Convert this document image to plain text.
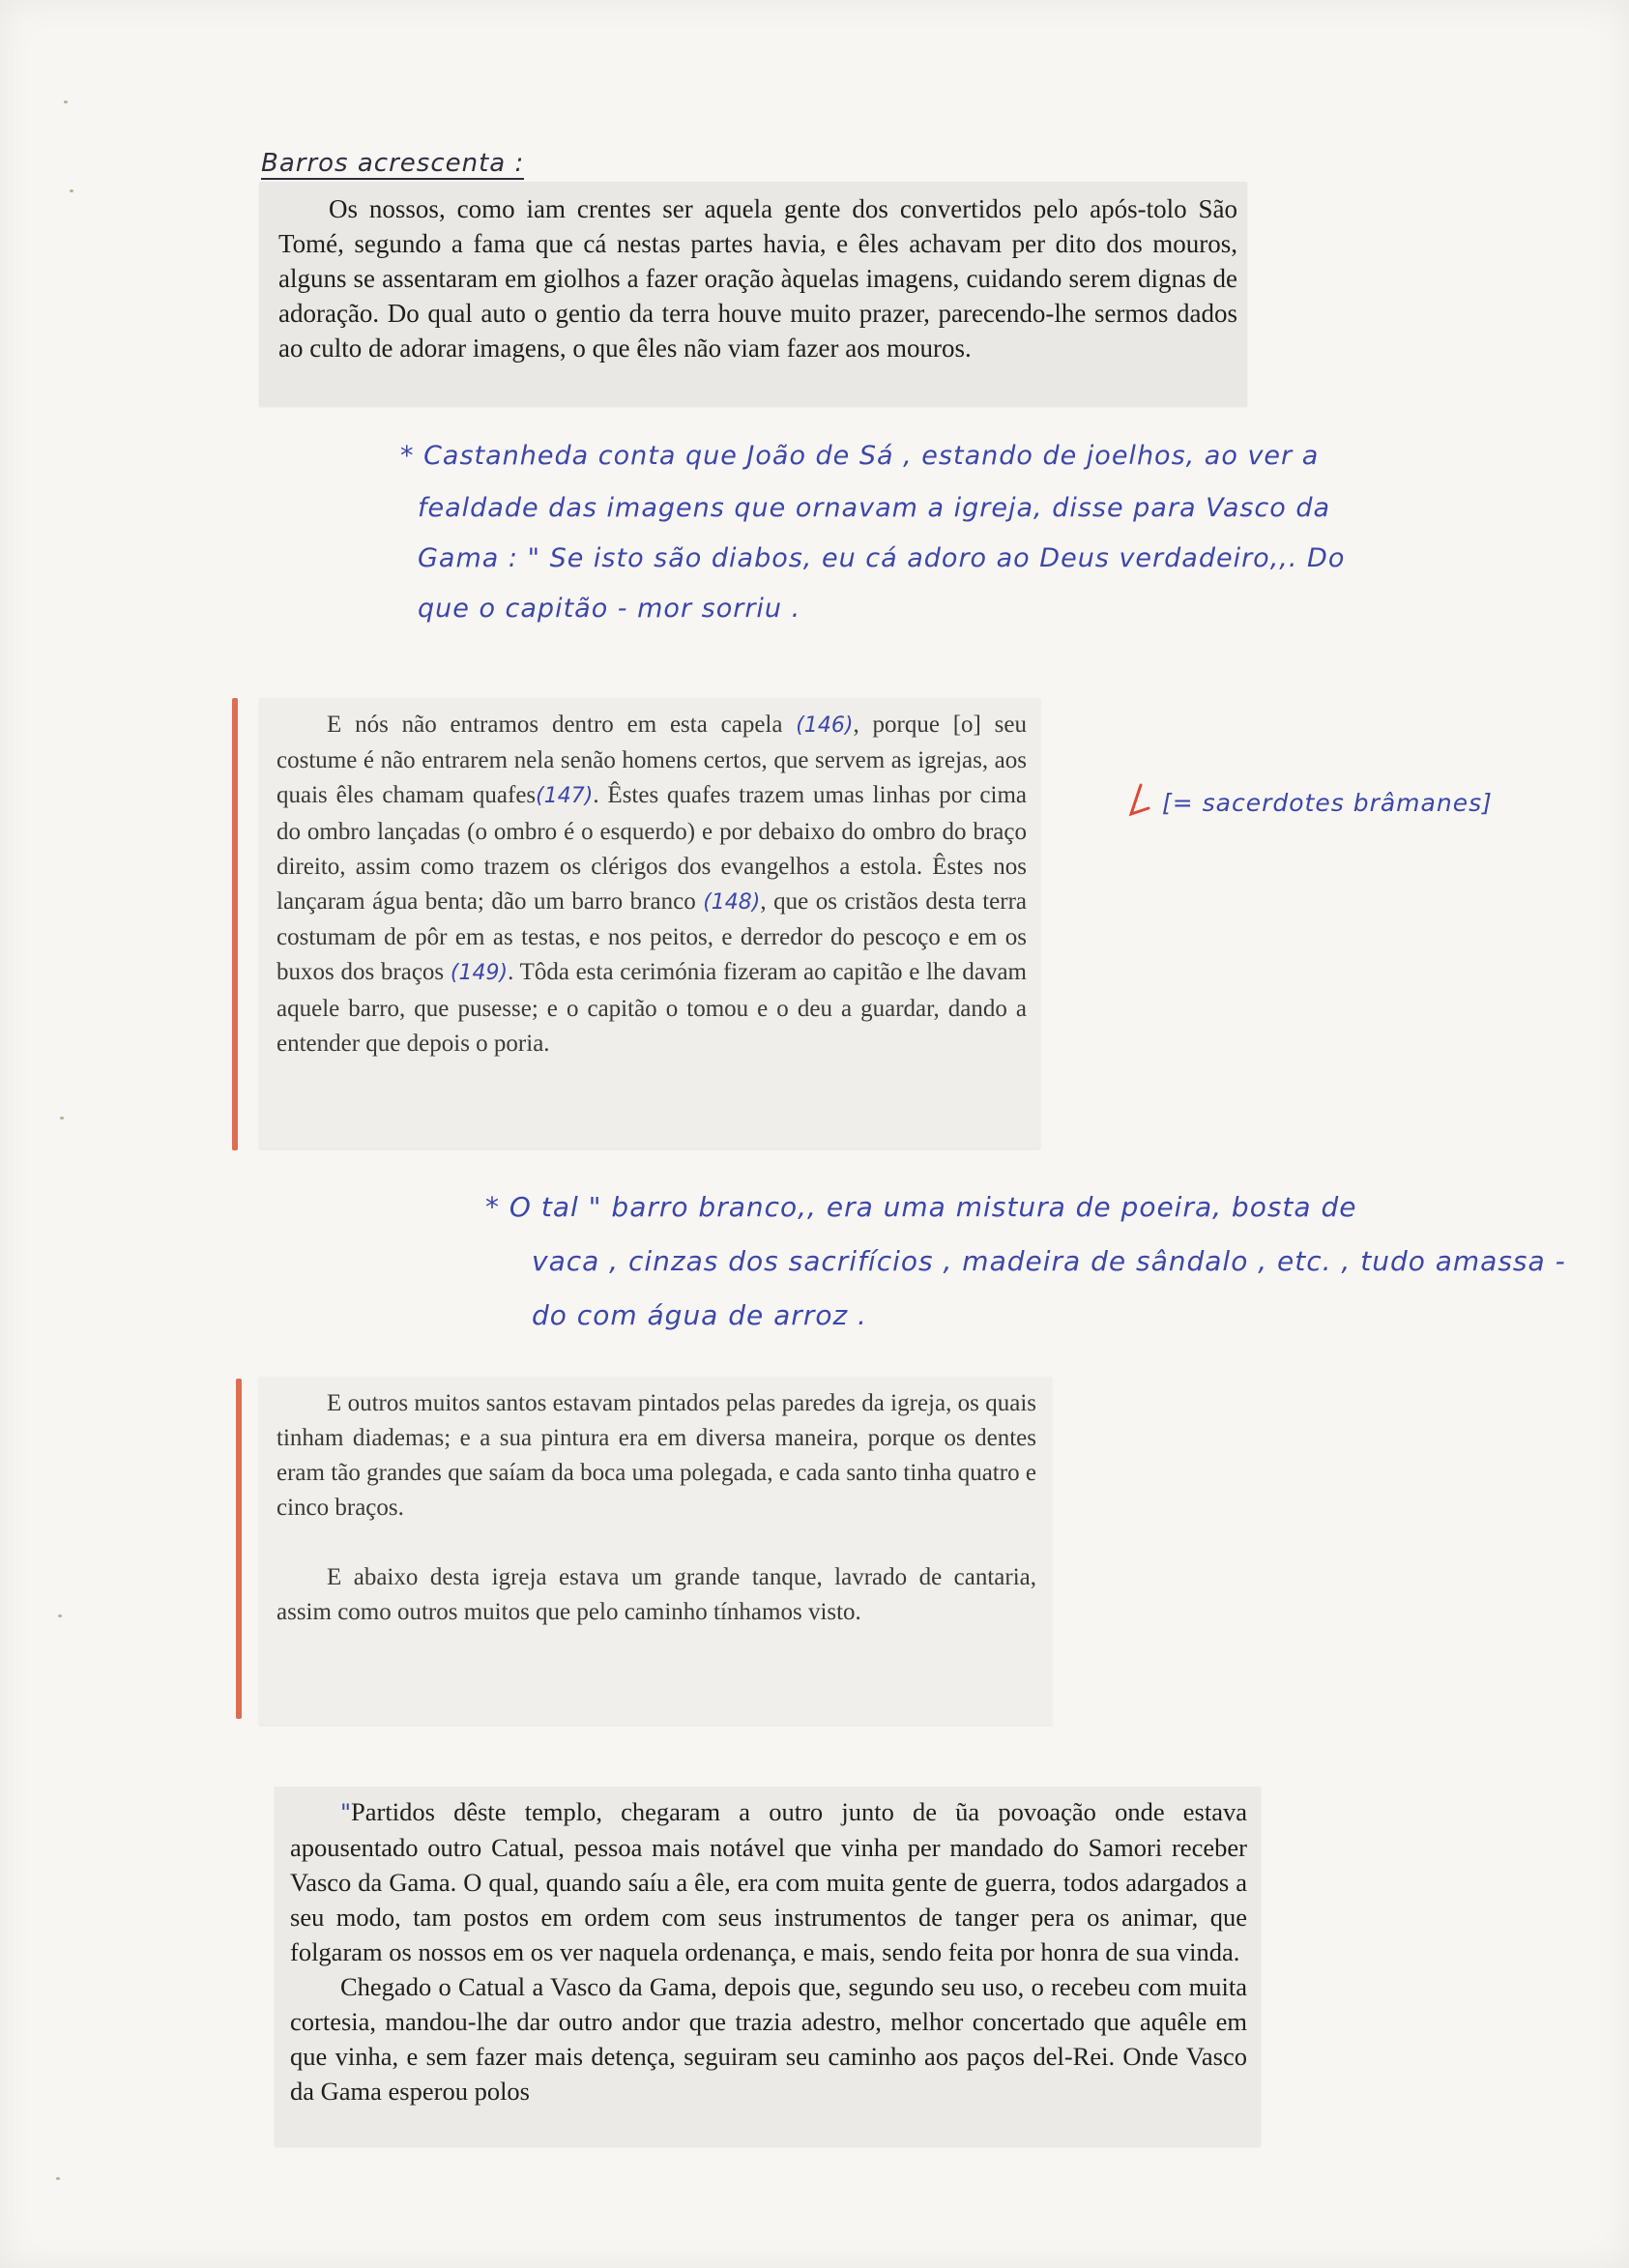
Barros acrescenta :

Os nossos, como iam crentes ser aquela gente dos convertidos pelo após-tolo São Tomé, segundo a fama que cá nestas partes havia, e êles achavam per dito dos mouros, alguns se assentaram em giolhos a fazer oração àquelas imagens, cuidando serem dignas de adoração. Do qual auto o gentio da terra houve muito prazer, parecendo-lhe sermos dados ao culto de adorar imagens, o que êles não viam fazer aos mouros.

* Castanheda conta que João de Sá , estando de joelhos, ao ver a
fealdade das imagens que ornavam a igreja, disse para Vasco da
Gama : " Se isto são diabos, eu cá adoro ao Deus verdadeiro,,. Do
que o capitão - mor sorriu .

E nós não entramos dentro em esta capela (146), porque [o] seu costume é não entrarem nela senão homens certos, que servem as igrejas, aos quais êles chamam quafes(147). Êstes quafes trazem umas linhas por cima do ombro lançadas (o ombro é o esquerdo) e por debaixo do ombro do braço direito, assim como trazem os clérigos dos evangelhos a estola. Êstes nos lançaram água benta; dão um barro branco (148), que os cristãos desta terra costumam de pôr em as testas, e nos peitos, e derredor do pescoço e em os buxos dos braços (149). Tôda esta cerimónia fizeram ao capitão e lhe davam aquele barro, que pusesse; e o capitão o tomou e o deu a guardar, dando a entender que depois o poria.

[= sacerdotes brâmanes]
* O tal " barro branco,, era uma mistura de poeira, bosta de
vaca , cinzas dos sacrifícios , madeira de sândalo , etc. , tudo amassa -
do com água de arroz .

E outros muitos santos estavam pintados pelas paredes da igreja, os quais tinham diademas; e a sua pintura era em diversa maneira, porque os dentes eram tão grandes que saíam da boca uma polegada, e cada santo tinha quatro e cinco braços.

E abaixo desta igreja estava um grande tanque, lavrado de cantaria, assim como outros muitos que pelo caminho tínhamos visto.

"Partidos dêste templo, chegaram a outro junto de ũa povoação onde estava apousentado outro Catual, pessoa mais notável que vinha per mandado do Samori receber Vasco da Gama. O qual, quando saíu a êle, era com muita gente de guerra, todos adargados a seu modo, tam postos em ordem com seus instrumentos de tanger pera os animar, que folgaram os nossos em os ver naquela ordenança, e mais, sendo feita por honra de sua vinda.

Chegado o Catual a Vasco da Gama, depois que, segundo seu uso, o recebeu com muita cortesia, mandou-lhe dar outro andor que trazia adestro, melhor concertado que aquêle em que vinha, e sem fazer mais detença, seguiram seu caminho aos paços del-Rei. Onde Vasco da Gama esperou polos
